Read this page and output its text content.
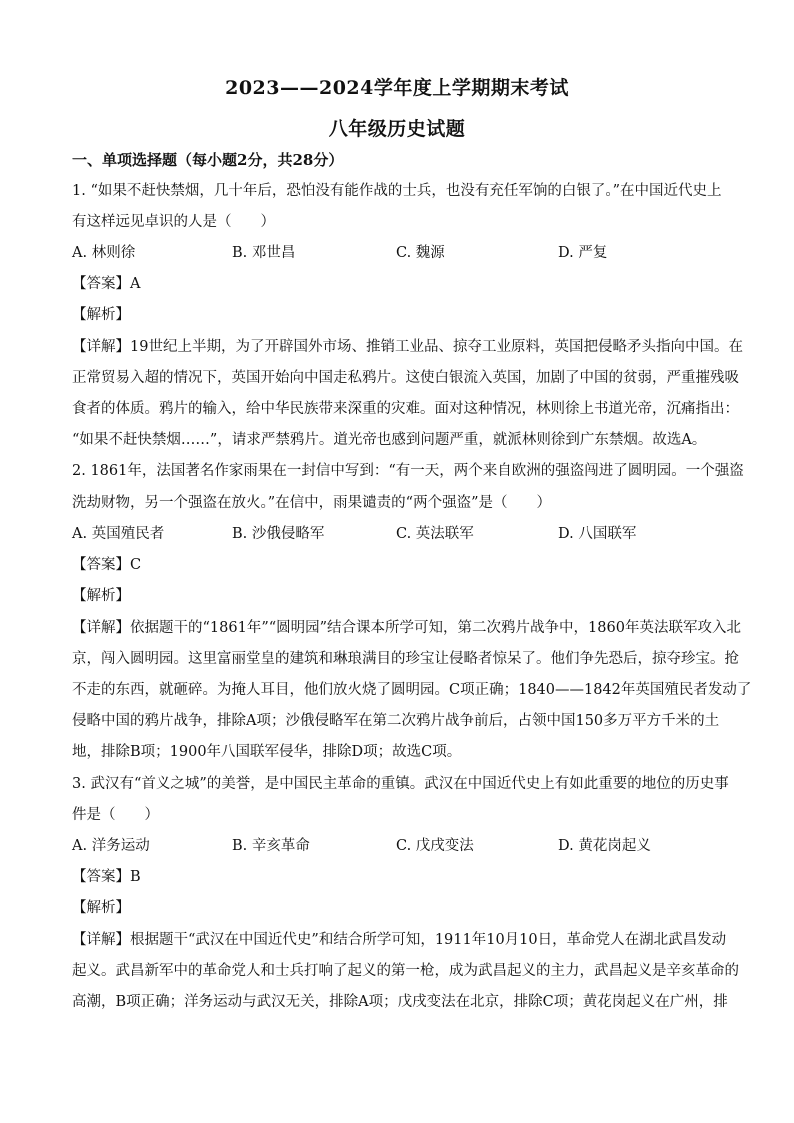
2023——2024学年度上学期期末考试
八年级历史试题
一、单项选择题（每小题2分，共28分）
1. “如果不赶快禁烟，几十年后，恐怕没有能作战的士兵，也没有充任军饷的白银了。”在中国近代史上
有这样远见卓识的人是（　　）
A. 林则徐	B. 邓世昌	C. 魏源	D. 严复
【答案】A
【解析】
【详解】19世纪上半期，为了开辟国外市场、推销工业品、掠夺工业原料，英国把侵略矛头指向中国。在
正常贸易入超的情况下，英国开始向中国走私鸦片。这使白银流入英国，加剧了中国的贫弱，严重摧残吸
食者的体质。鸦片的输入，给中华民族带来深重的灾难。面对这种情况，林则徐上书道光帝，沉痛指出：
“如果不赶快禁烟……”，请求严禁鸦片。道光帝也感到问题严重，就派林则徐到广东禁烟。故选A。
2. 1861年，法国著名作家雨果在一封信中写到：“有一天，两个来自欧洲的强盗闯进了圆明园。一个强盗
洗劫财物，另一个强盗在放火。”在信中，雨果谴责的“两个强盗”是（　　）
A. 英国殖民者	B. 沙俄侵略军	C. 英法联军	D. 八国联军
【答案】C
【解析】
【详解】依据题干的“1861年”“圆明园”结合课本所学可知，第二次鸦片战争中，1860年英法联军攻入北
京，闯入圆明园。这里富丽堂皇的建筑和琳琅满目的珍宝让侵略者惊呆了。他们争先恐后，掠夺珍宝。抢
不走的东西，就砸碎。为掩人耳目，他们放火烧了圆明园。C项正确；1840——1842年英国殖民者发动了
侵略中国的鸦片战争，排除A项；沙俄侵略军在第二次鸦片战争前后，占领中国150多万平方千米的土
地，排除B项；1900年八国联军侵华，排除D项；故选C项。
3. 武汉有“首义之城”的美誉，是中国民主革命的重镇。武汉在中国近代史上有如此重要的地位的历史事
件是（　　）
A. 洋务运动	B. 辛亥革命	C. 戊戌变法	D. 黄花岗起义
【答案】B
【解析】
【详解】根据题干“武汉在中国近代史”和结合所学可知，1911年10月10日，革命党人在湖北武昌发动
起义。武昌新军中的革命党人和士兵打响了起义的第一枪，成为武昌起义的主力，武昌起义是辛亥革命的
高潮，B项正确；洋务运动与武汉无关，排除A项；戊戌变法在北京，排除C项；黄花岗起义在广州，排
